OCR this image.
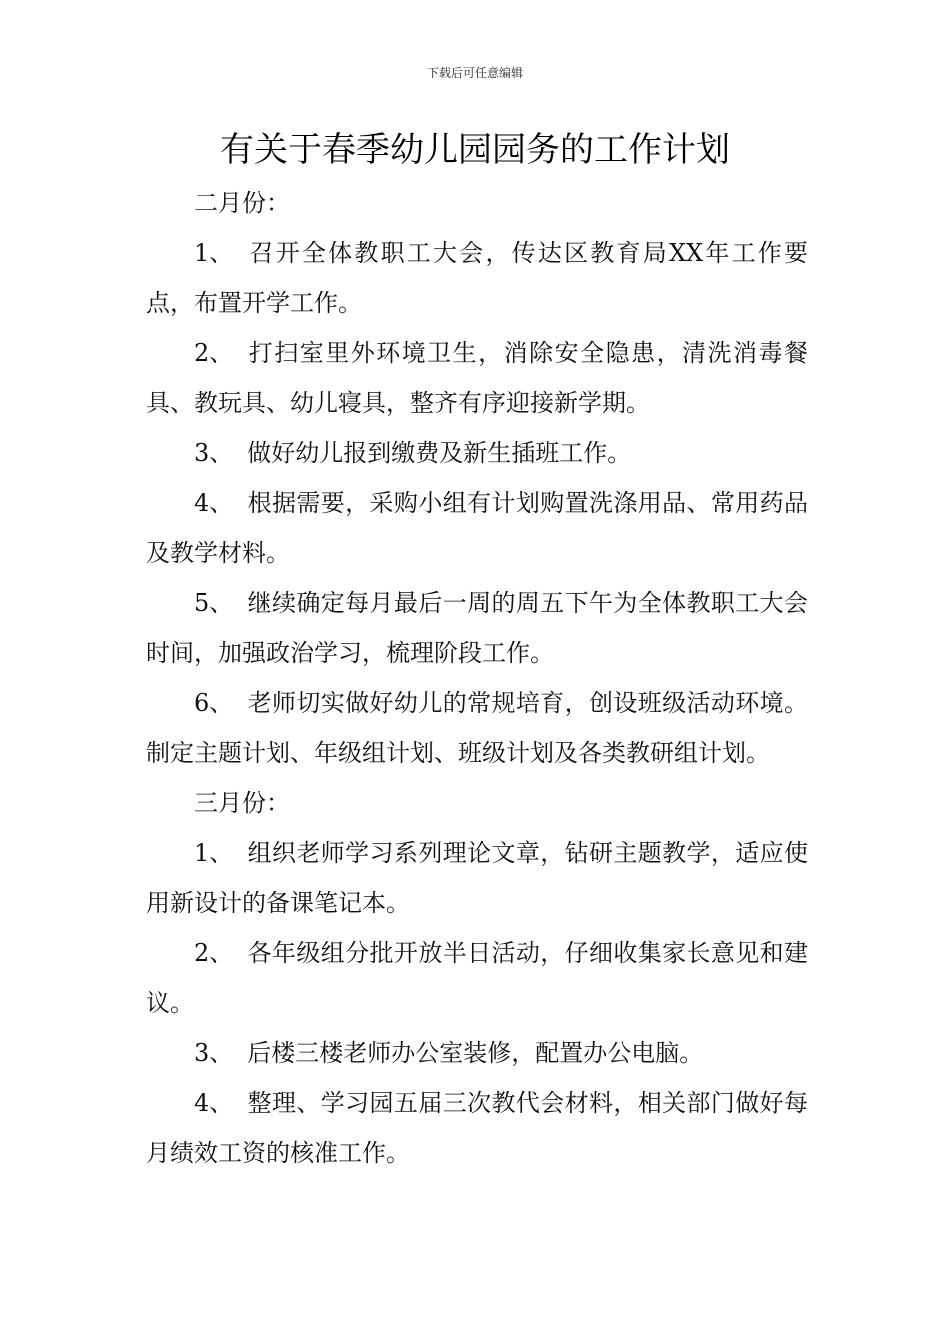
下载后可任意编辑
有关于春季幼儿园园务的工作计划

二月份：

1、 召开全体教职工大会，传达区教育局XX年工作要点，布置开学工作。

2、 打扫室里外环境卫生，消除安全隐患，清洗消毒餐具、教玩具、幼儿寝具，整齐有序迎接新学期。

3、 做好幼儿报到缴费及新生插班工作。

4、 根据需要，采购小组有计划购置洗涤用品、常用药品及教学材料。

5、 继续确定每月最后一周的周五下午为全体教职工大会时间，加强政治学习，梳理阶段工作。

6、 老师切实做好幼儿的常规培育，创设班级活动环境。制定主题计划、年级组计划、班级计划及各类教研组计划。

三月份：

1、 组织老师学习系列理论文章，钻研主题教学，适应使用新设计的备课笔记本。

2、 各年级组分批开放半日活动，仔细收集家长意见和建议。

3、 后楼三楼老师办公室装修，配置办公电脑。

4、 整理、学习园五届三次教代会材料，相关部门做好每月绩效工资的核准工作。
